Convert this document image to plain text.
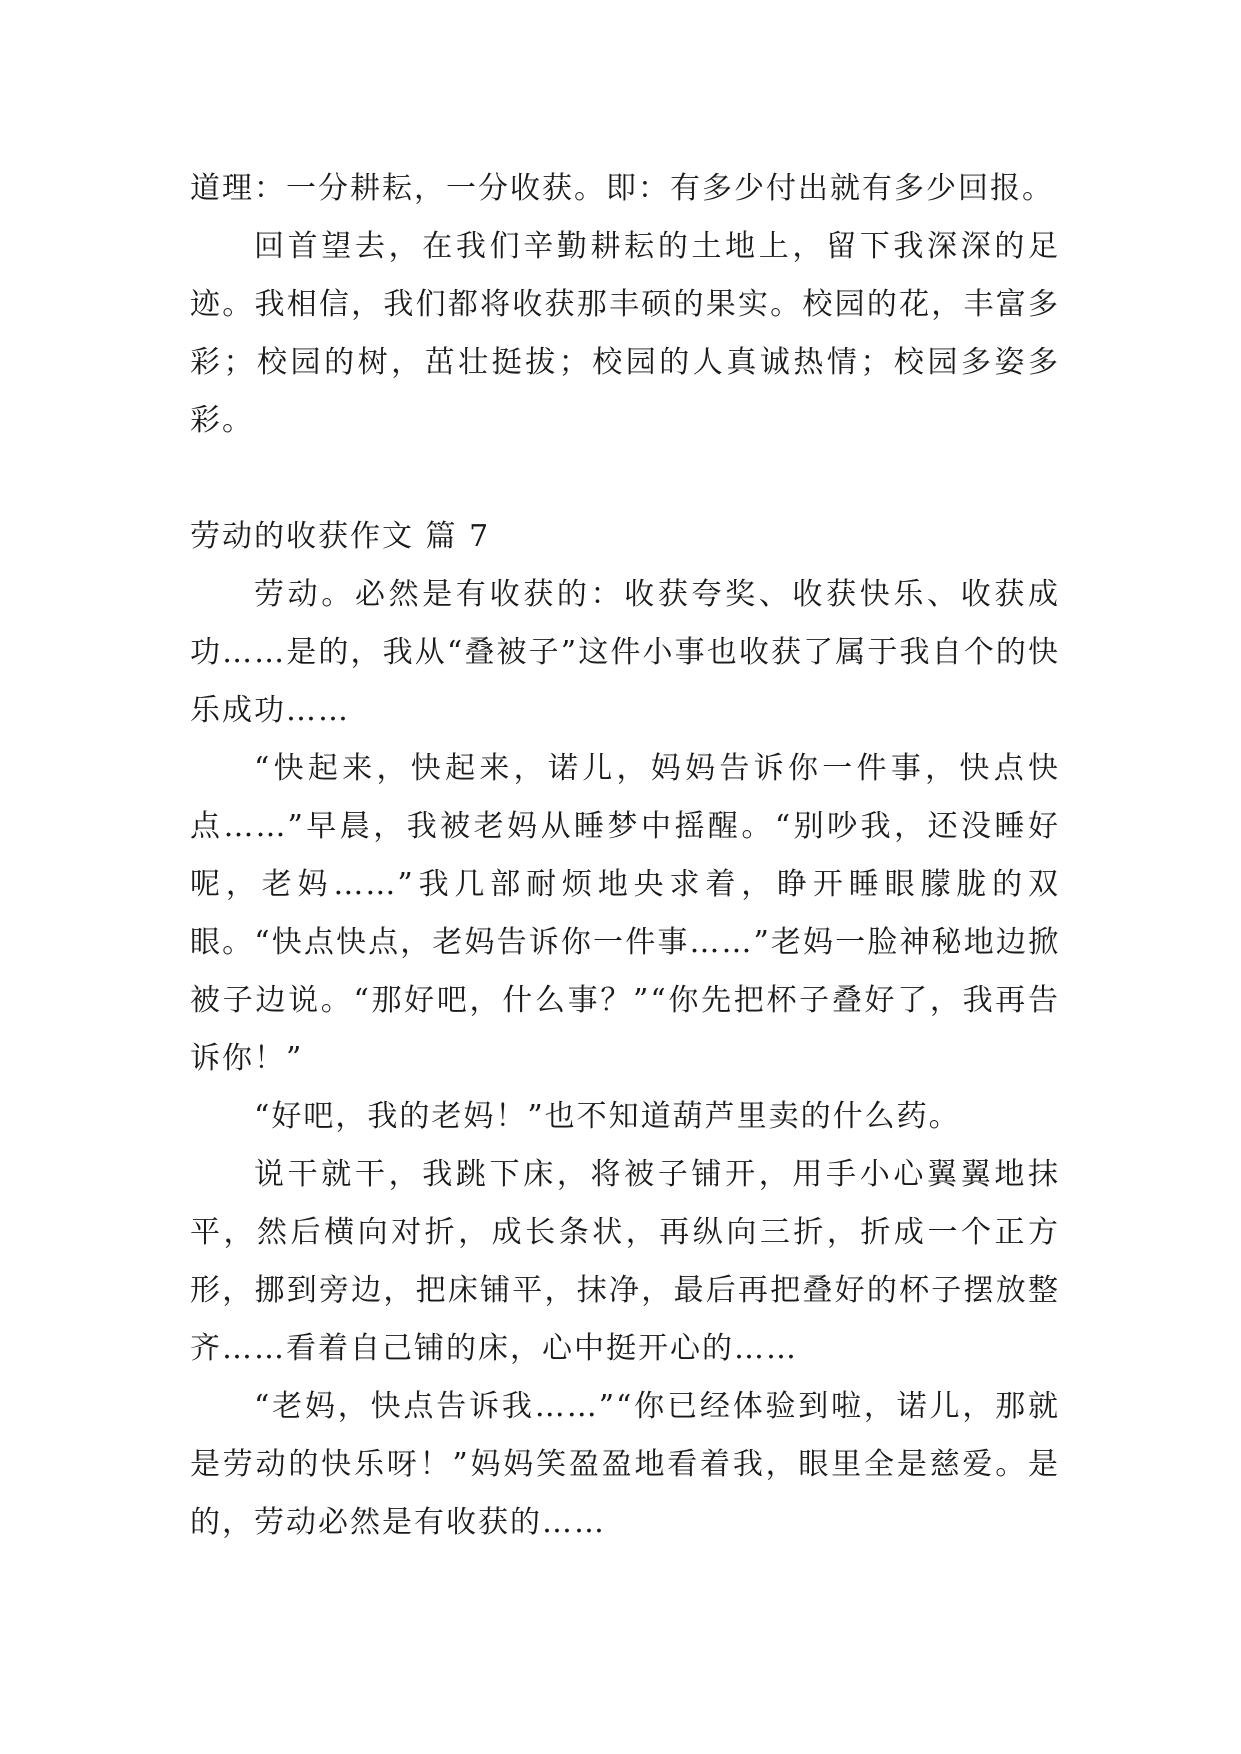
道理：一分耕耘，一分收获。即：有多少付出就有多少回报。

回首望去，在我们辛勤耕耘的土地上，留下我深深的足迹。我相信，我们都将收获那丰硕的果实。校园的花，丰富多彩；校园的树，茁壮挺拔；校园的人真诚热情；校园多姿多彩。

劳动的收获作文 篇 7

劳动。必然是有收获的：收获夸奖、收获快乐、收获成功……是的，我从“叠被子”这件小事也收获了属于我自个的快乐成功……

“快起来，快起来，诺儿，妈妈告诉你一件事，快点快点……”早晨，我被老妈从睡梦中摇醒。“别吵我，还没睡好呢，老妈……”我几部耐烦地央求着，睁开睡眼朦胧的双眼。“快点快点，老妈告诉你一件事……”老妈一脸神秘地边掀被子边说。“那好吧，什么事？”“你先把杯子叠好了，我再告诉你！”

“好吧，我的老妈！”也不知道葫芦里卖的什么药。

说干就干，我跳下床，将被子铺开，用手小心翼翼地抹平，然后横向对折，成长条状，再纵向三折，折成一个正方形，挪到旁边，把床铺平，抹净，最后再把叠好的杯子摆放整齐……看着自己铺的床，心中挺开心的……

“老妈，快点告诉我……”“你已经体验到啦，诺儿，那就是劳动的快乐呀！”妈妈笑盈盈地看着我，眼里全是慈爱。是的，劳动必然是有收获的……
